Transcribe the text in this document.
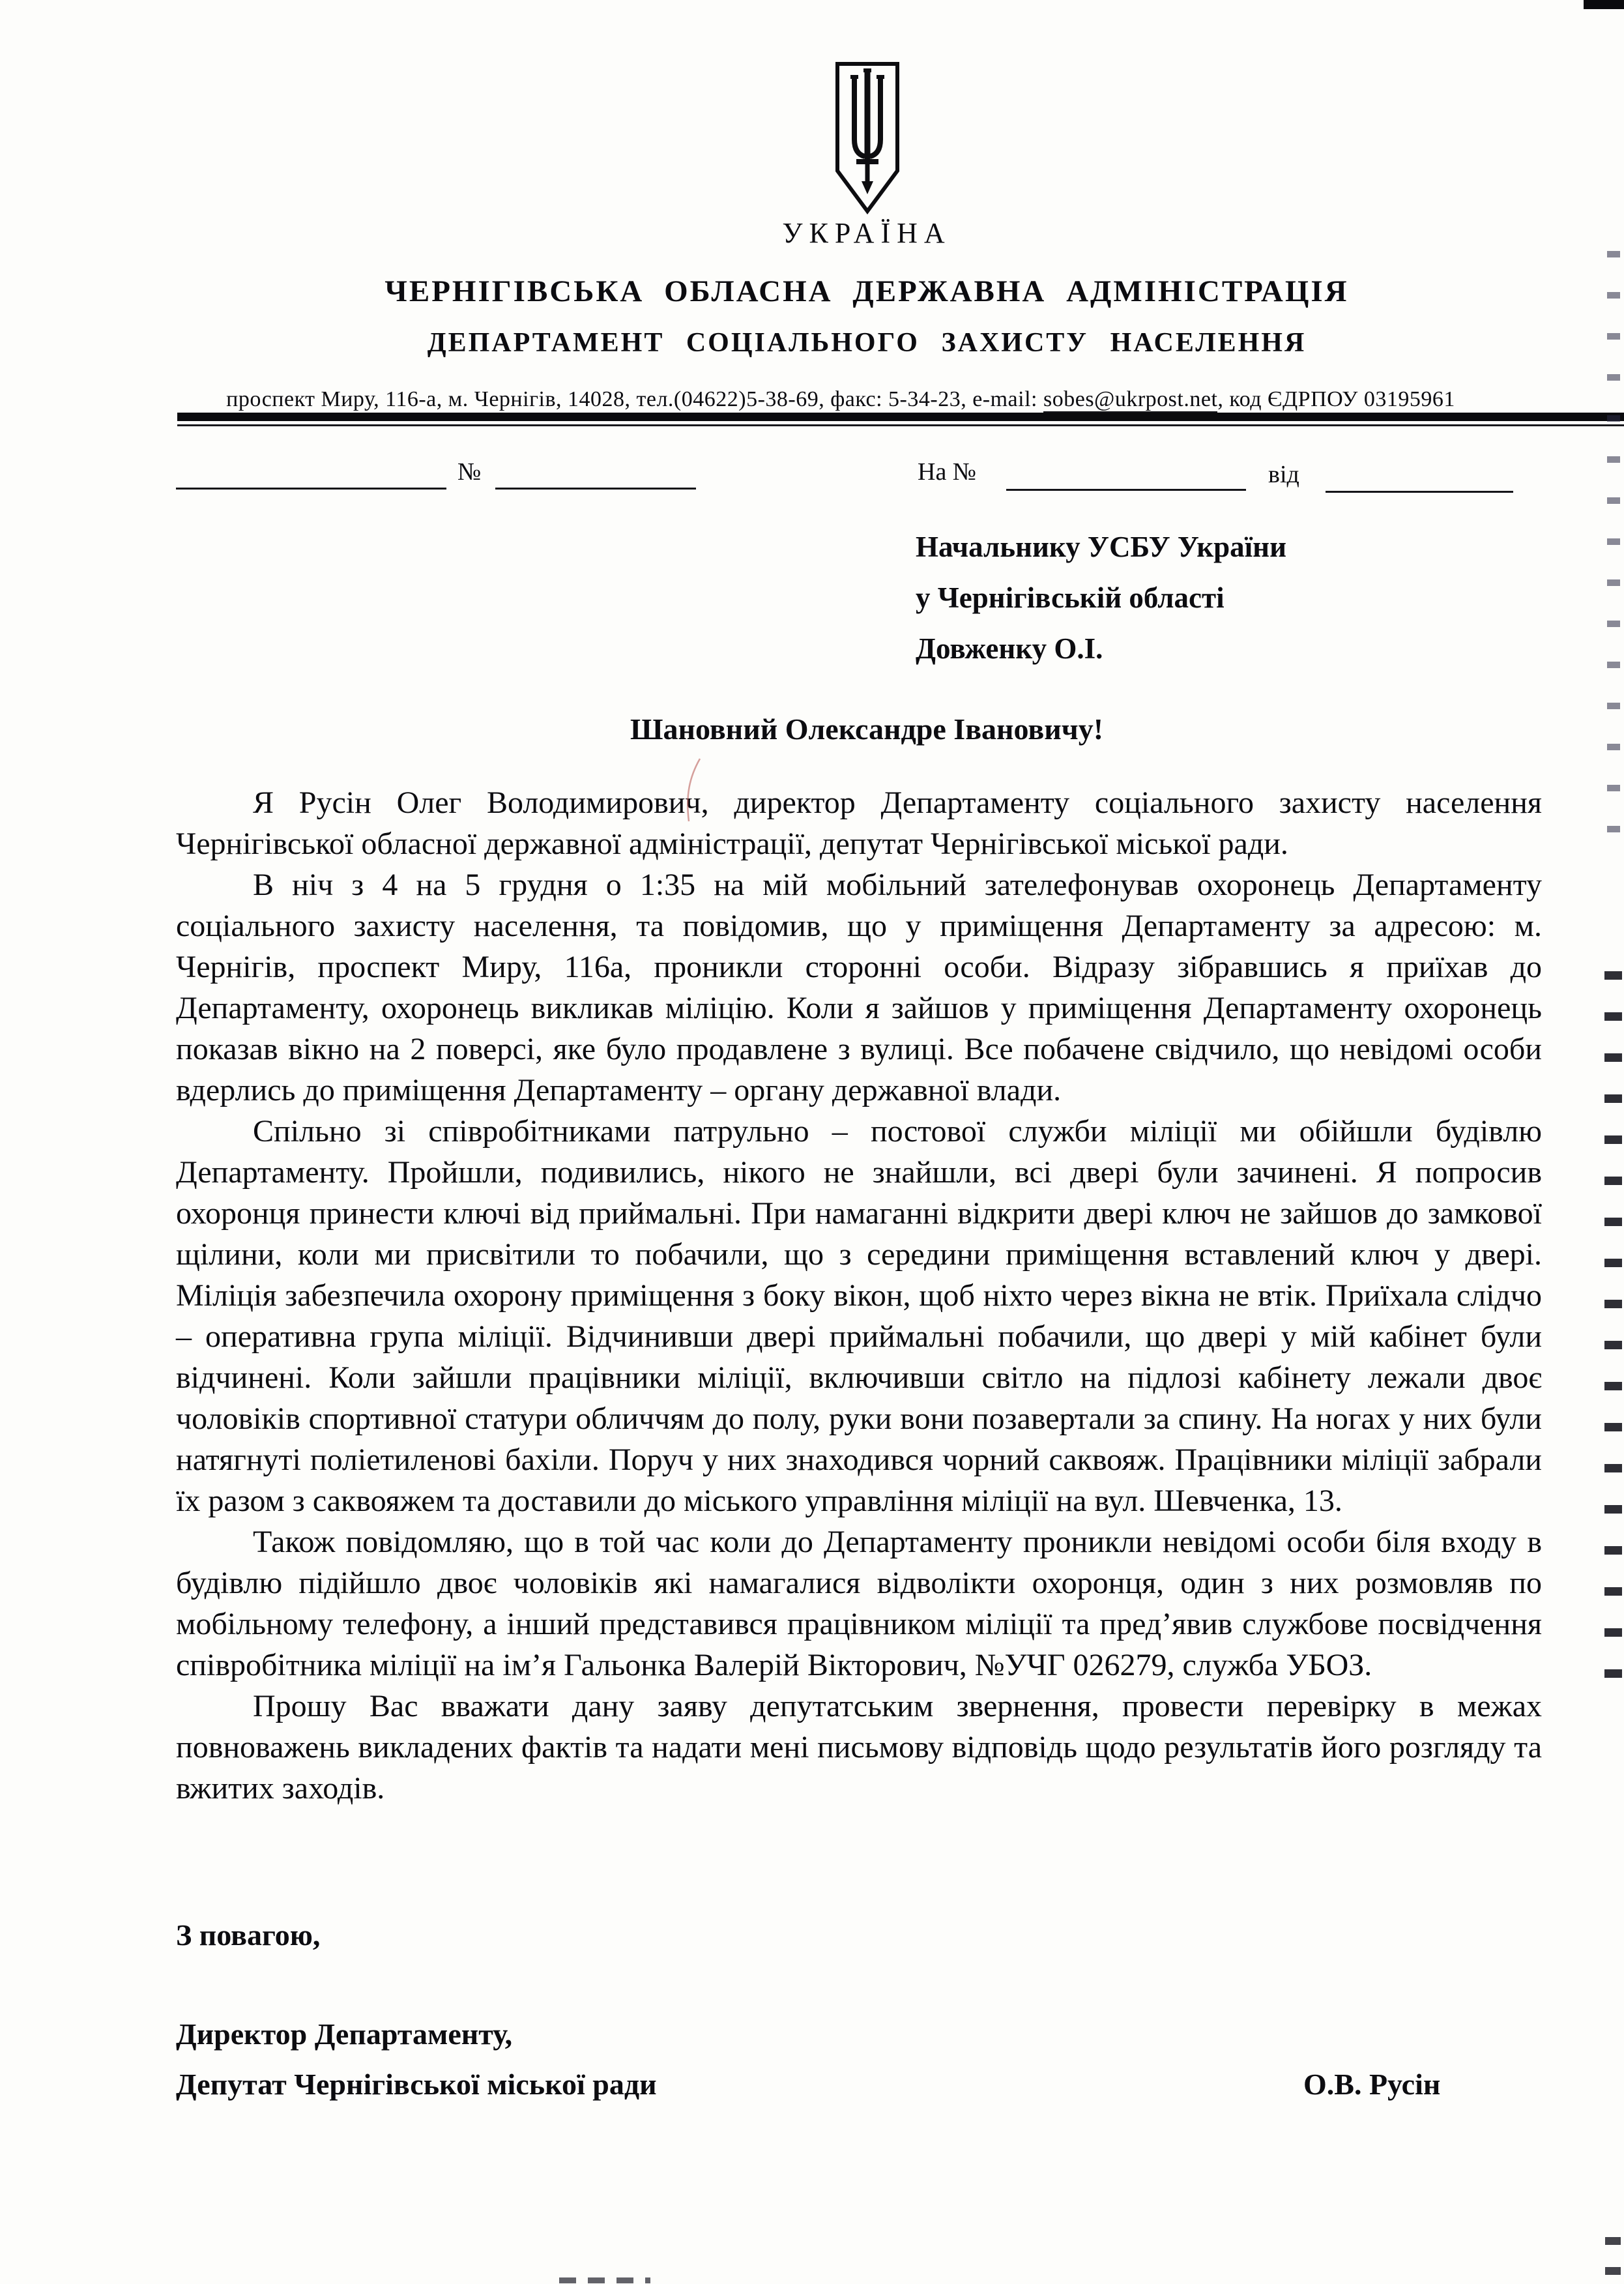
УКРАЇНА
ЧЕРНІГІВСЬКА ОБЛАСНА ДЕРЖАВНА АДМІНІСТРАЦІЯ
ДЕПАРТАМЕНТ СОЦІАЛЬНОГО ЗАХИСТУ НАСЕЛЕННЯ
проспект Миру, 116-а, м. Чернігів, 14028, тел.(04622)5-38-69, факс: 5-34-23, e-mail: sobes@ukrpost.net, код ЄДРПОУ 03195961
№	На №	від
Начальнику УСБУ України
у Чернігівській області
Довженку О.І.
Шановний Олександре Івановичу!

Я Русін Олег Володимирович, директор Департаменту соціального захисту населення Чернігівської обласної державної адміністрації, депутат Чернігівської міської ради.

В ніч з 4 на 5 грудня о 1:35 на мій мобільний зателефонував охоронець Департаменту соціального захисту населення, та повідомив, що у приміщення Департаменту за адресою: м. Чернігів, проспект Миру, 116а, проникли сторонні особи. Відразу зібравшись я приїхав до Департаменту, охоронець викликав міліцію. Коли я зайшов у приміщення Департаменту охоронець показав вікно на 2 поверсі, яке було продавлене з вулиці. Все побачене свідчило, що невідомі особи вдерлись до приміщення Департаменту – органу державної влади.

Спільно зі співробітниками патрульно – постової служби міліції ми обійшли будівлю Департаменту. Пройшли, подивились, нікого не знайшли, всі двері були зачинені. Я попросив охоронця принести ключі від приймальні. При намаганні відкрити двері ключ не зайшов до замкової щілини, коли ми присвітили то побачили, що з середини приміщення вставлений ключ у двері. Міліція забезпечила охорону приміщення з боку вікон, щоб ніхто через вікна не втік. Приїхала слідчо – оперативна група міліції. Відчинивши двері приймальні побачили, що двері у мій кабінет були відчинені. Коли зайшли працівники міліції, включивши світло на підлозі кабінету лежали двоє чоловіків спортивної статури обличчям до полу, руки вони позавертали за спину. На ногах у них були натягнуті поліетиленові бахіли. Поруч у них знаходився чорний саквояж. Працівники міліції забрали їх разом з саквояжем та доставили до міського управління міліції на вул. Шевченка, 13.

Також повідомляю, що в той час коли до Департаменту проникли невідомі особи біля входу в будівлю підійшло двоє чоловіків які намагалися відволікти охоронця, один з них розмовляв по мобільному телефону, а інший представився працівником міліції та пред’явив службове посвідчення співробітника міліції на ім’я Гальонка Валерій Вікторович, №УЧГ 026279, служба УБОЗ.

Прошу Вас вважати дану заяву депутатським звернення, провести перевірку в межах повноважень викладених фактів та надати мені письмову відповідь щодо результатів його розгляду та вжитих заходів.

З повагою,
Директор Департаменту,
Депутат Чернігівської міської ради	О.В. Русін
